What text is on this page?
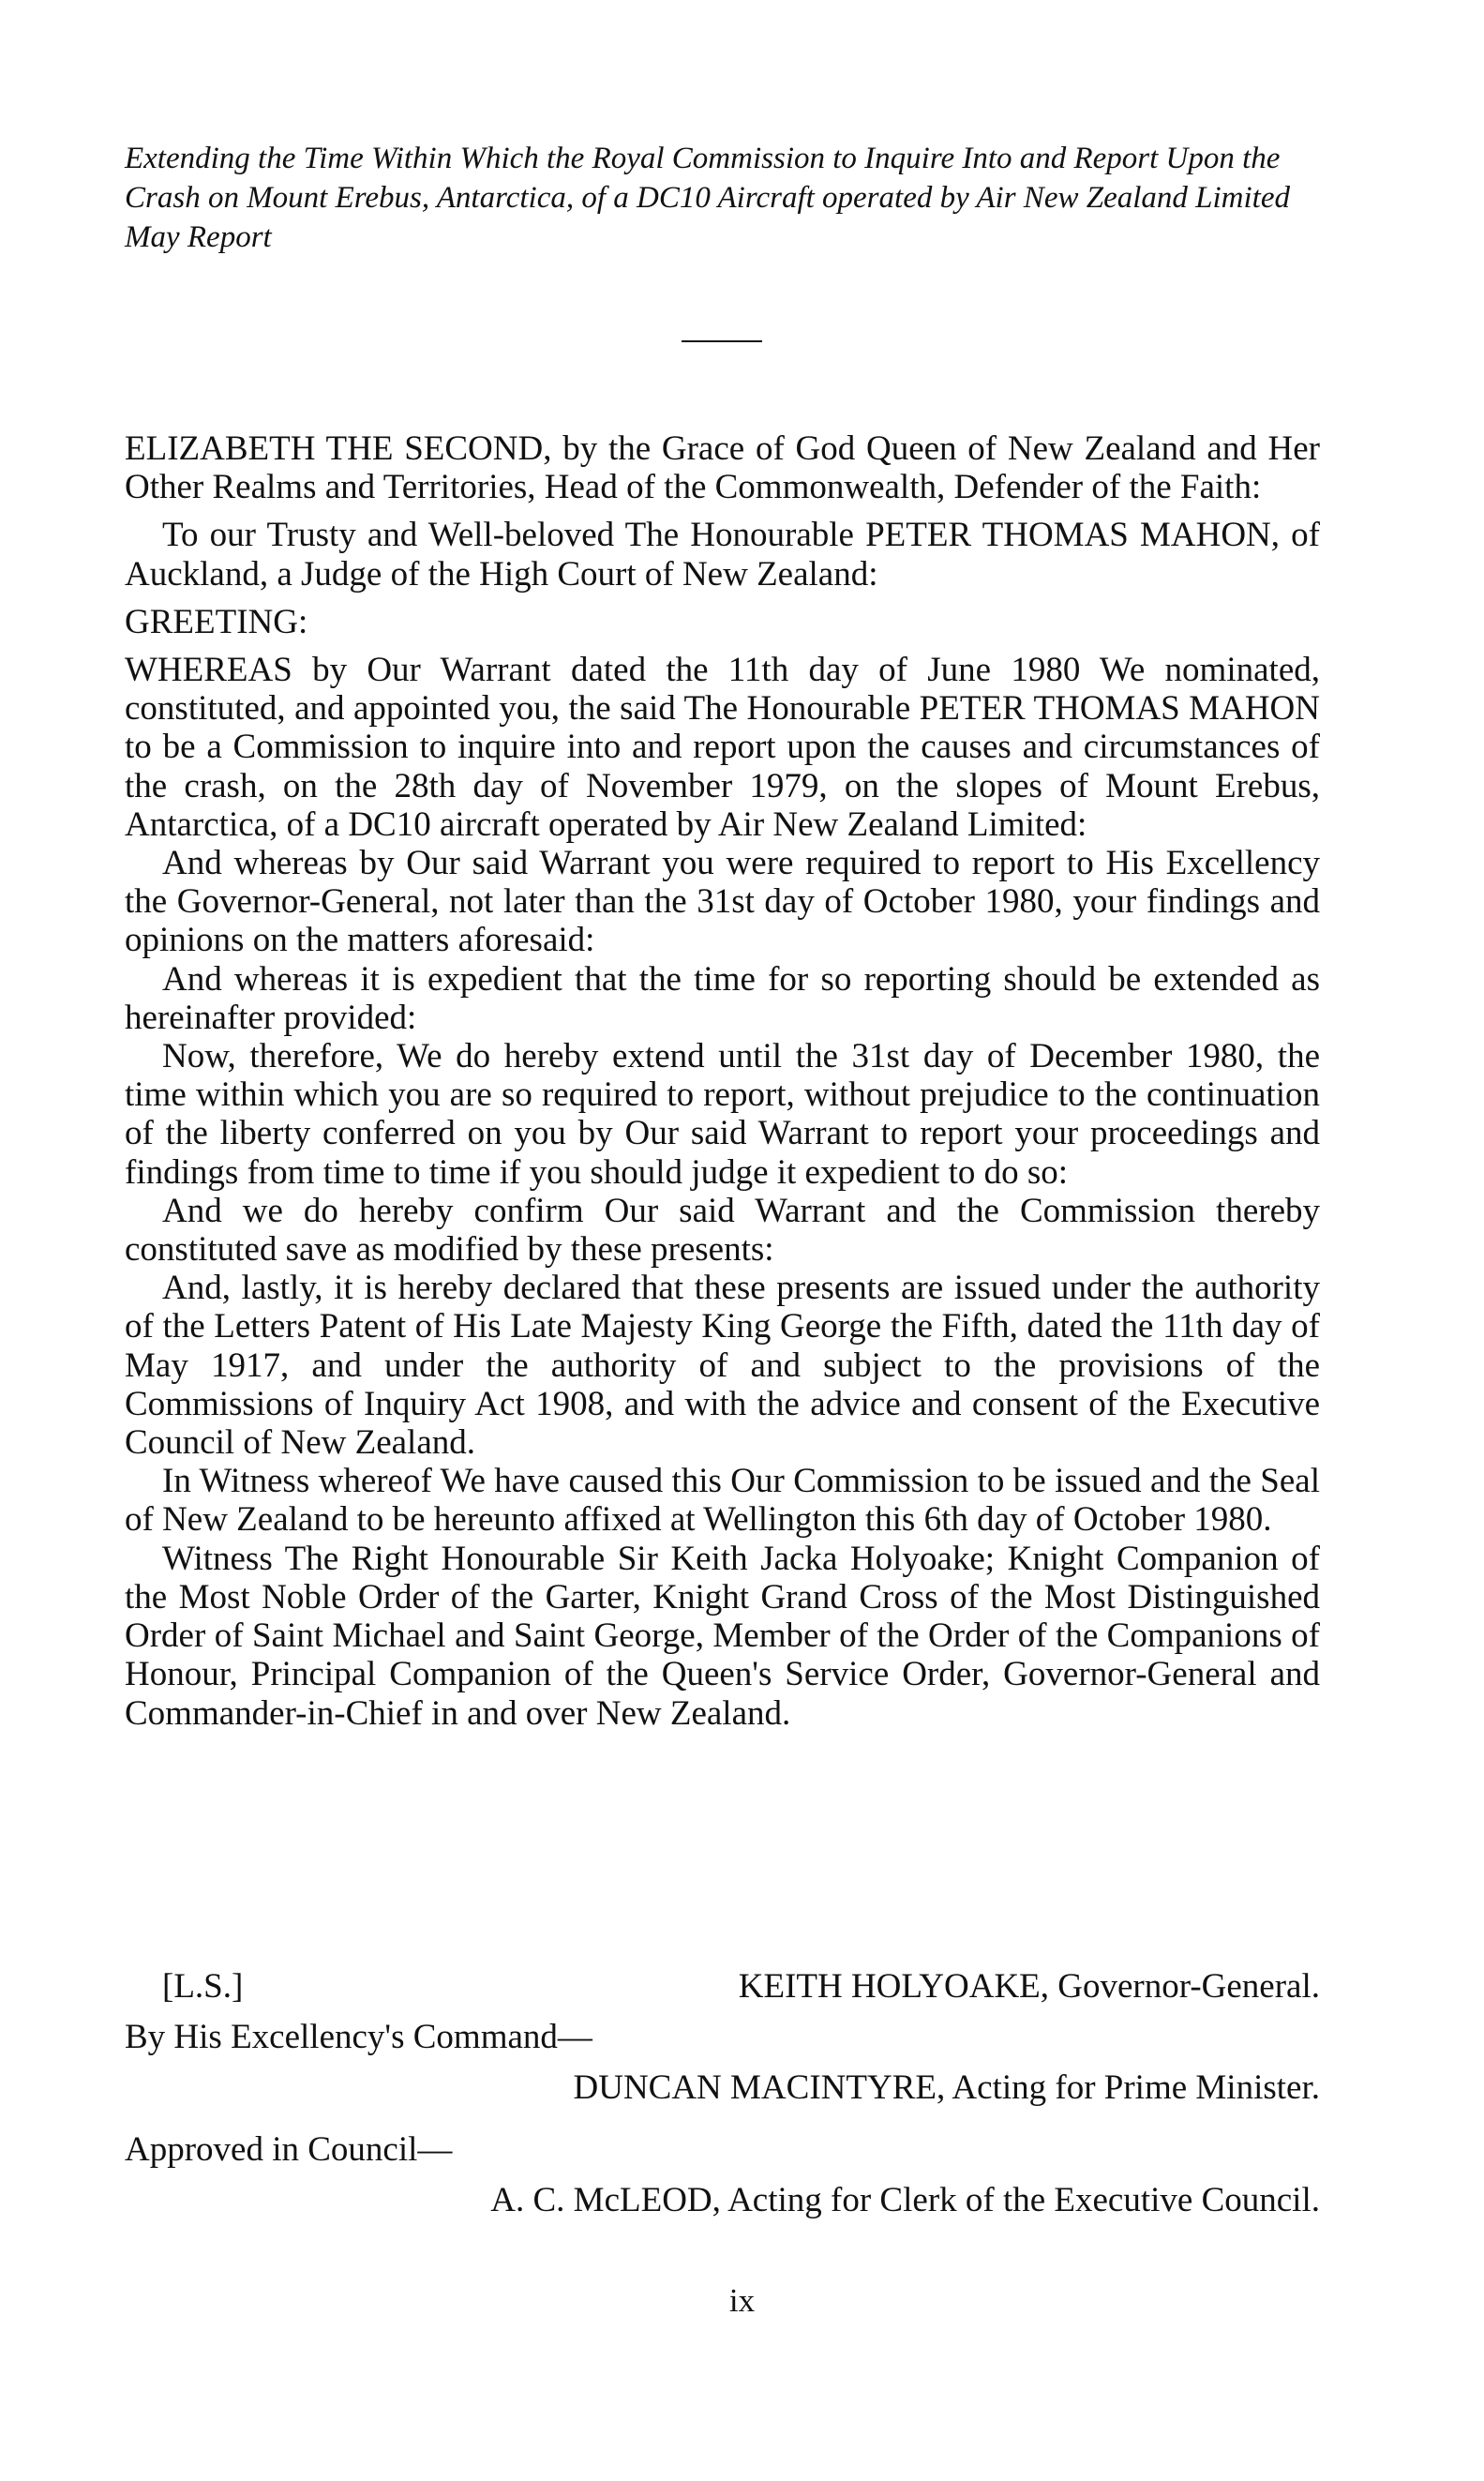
Extending the Time Within Which the Royal Commission to Inquire Into and Report Upon the Crash on Mount Erebus, Antarctica, of a DC10 Aircraft operated by Air New Zealand Limited May Report

ELIZABETH THE SECOND, by the Grace of God Queen of New Zealand and Her Other Realms and Territories, Head of the Commonwealth, Defender of the Faith:

To our Trusty and Well-beloved The Honourable PETER THOMAS MAHON, of Auckland, a Judge of the High Court of New Zealand:

GREETING:

WHEREAS by Our Warrant dated the 11th day of June 1980 We nominated, constituted, and appointed you, the said The Honourable PETER THOMAS MAHON to be a Commission to inquire into and report upon the causes and circumstances of the crash, on the 28th day of November 1979, on the slopes of Mount Erebus, Antarctica, of a DC10 aircraft operated by Air New Zealand Limited:

And whereas by Our said Warrant you were required to report to His Excellency the Governor-General, not later than the 31st day of October 1980, your findings and opinions on the matters aforesaid:

And whereas it is expedient that the time for so reporting should be extended as hereinafter provided:

Now, therefore, We do hereby extend until the 31st day of December 1980, the time within which you are so required to report, without prejudice to the continuation of the liberty conferred on you by Our said Warrant to report your proceedings and findings from time to time if you should judge it expedient to do so:

And we do hereby confirm Our said Warrant and the Commission thereby constituted save as modified by these presents:

And, lastly, it is hereby declared that these presents are issued under the authority of the Letters Patent of His Late Majesty King George the Fifth, dated the 11th day of May 1917, and under the authority of and subject to the provisions of the Commissions of Inquiry Act 1908, and with the advice and consent of the Executive Council of New Zealand.

In Witness whereof We have caused this Our Commission to be issued and the Seal of New Zealand to be hereunto affixed at Wellington this 6th day of October 1980.

Witness The Right Honourable Sir Keith Jacka Holyoake; Knight Companion of the Most Noble Order of the Garter, Knight Grand Cross of the Most Distinguished Order of Saint Michael and Saint George, Member of the Order of the Companions of Honour, Principal Companion of the Queen's Service Order, Governor-General and Commander-in-Chief in and over New Zealand.

[L.S.]	KEITH HOLYOAKE, Governor-General.
By His Excellency's Command—
DUNCAN MACINTYRE, Acting for Prime Minister.
Approved in Council—
A. C. McLEOD, Acting for Clerk of the Executive Council.
ix
